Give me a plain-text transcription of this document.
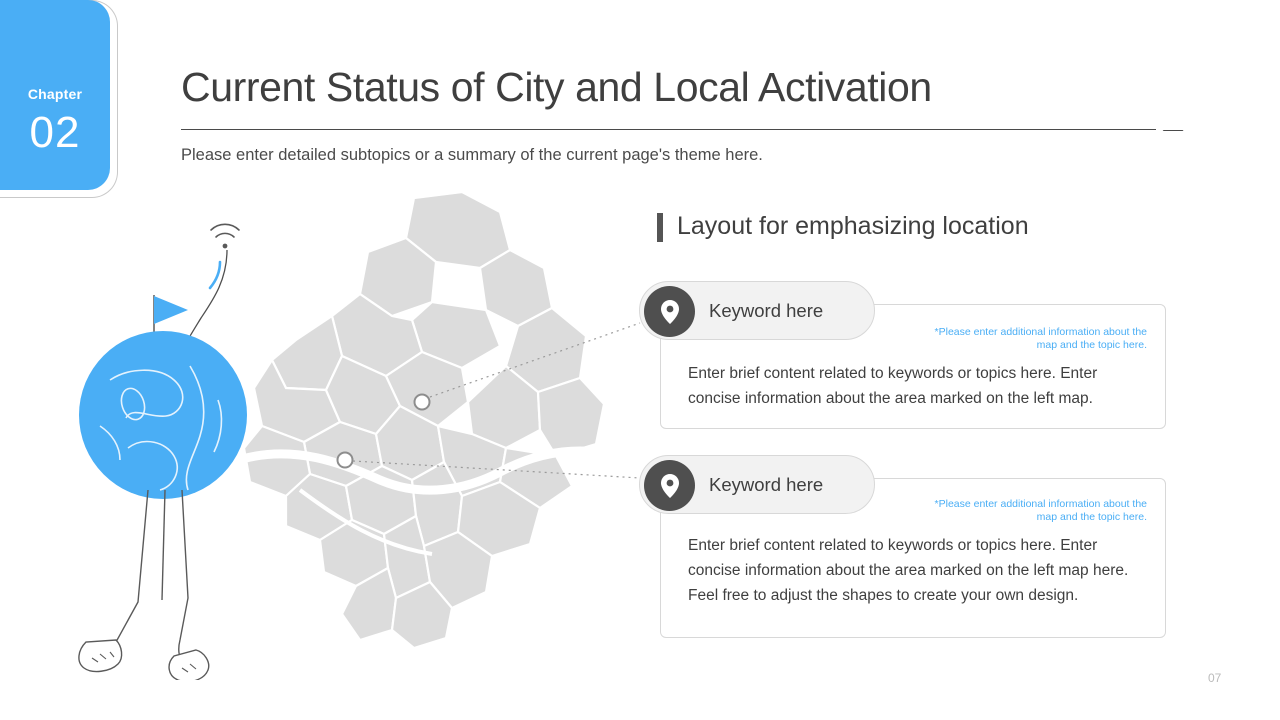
Chapter
02
Current Status of City and Local Activation
Please enter detailed subtopics or a summary of the current page's theme here.
Layout for emphasizing location
*Please enter additional information about the map and the topic here.
Enter brief content related to keywords or topics here. Enter concise information about the area marked on the left map.
Keyword here
*Please enter additional information about the map and the topic here.
Enter brief content related to keywords or topics here. Enter concise information about the area marked on the left map here. Feel free to adjust the shapes to create your own design.
Keyword here
07
